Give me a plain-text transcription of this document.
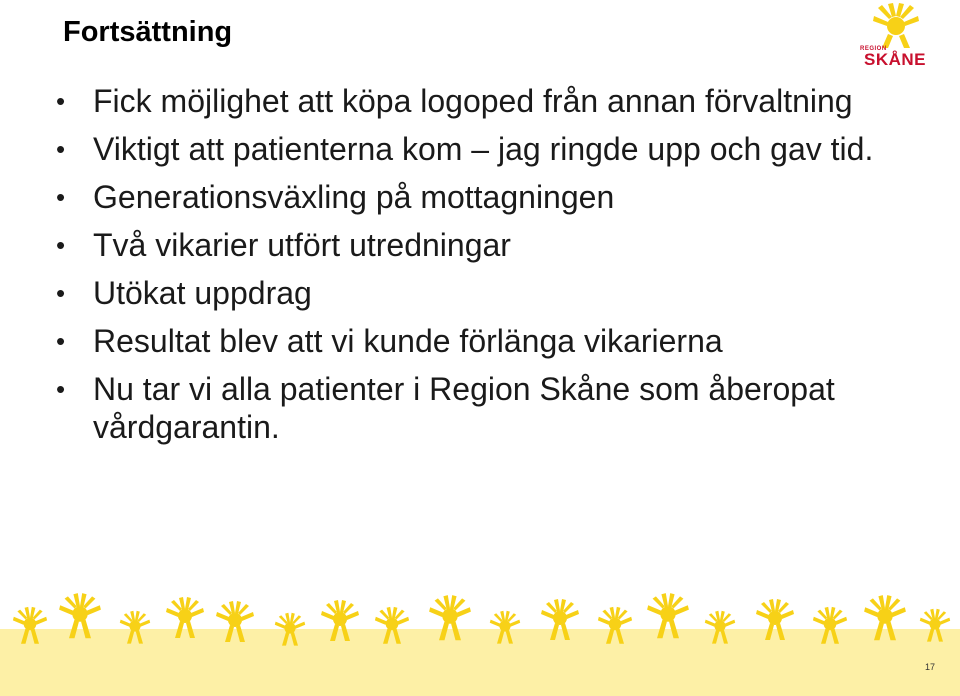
Fortsättning
• Fick möjlighet att köpa logoped från annan förvaltning
• Viktigt att patienterna kom – jag ringde upp och gav tid.
• Generationsväxling på mottagningen
• Två vikarier utfört utredningar
• Utökat uppdrag
• Resultat blev att vi kunde förlänga vikarierna
• Nu tar vi alla patienter i Region Skåne som åberopat vårdgarantin.
REGION
SKÅNE
17
